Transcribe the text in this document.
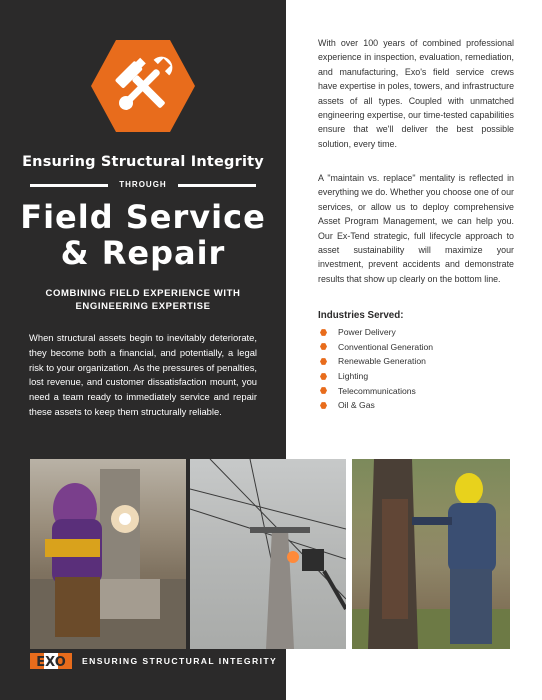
Ensuring Structural Integrity
THROUGH
Field Service
& Repair
COMBINING FIELD EXPERIENCE WITH
ENGINEERING EXPERTISE

When structural assets begin to inevitably deteriorate, they become both a financial, and potentially, a legal risk to your organization. As the pressures of penalties, lost revenue, and customer dissatisfaction mount, you need a team ready to immediately service and repair these assets to keep them structurally reliable.

With over 100 years of combined professional experience in inspection, evaluation, remediation, and manufacturing, Exo's field service crews have expertise in poles, towers, and infrastructure assets of all types. Coupled with unmatched engineering expertise, our time-tested capabilities ensure that we'll deliver the best possible solution, every time.

A "maintain vs. replace" mentality is reflected in everything we do. Whether you choose one of our services, or allow us to deploy comprehensive Asset Program Management, we can help you. Our Ex-Tend strategic, full lifecycle approach to asset sustainability will maximize your investment, prevent accidents and demonstrate results that show up clearly on the bottom line.

Industries Served:
Power Delivery
Conventional Generation
Renewable Generation
Lighting
Telecommunications
Oil & Gas
EXO ENSURING STRUCTURAL INTEGRITY
